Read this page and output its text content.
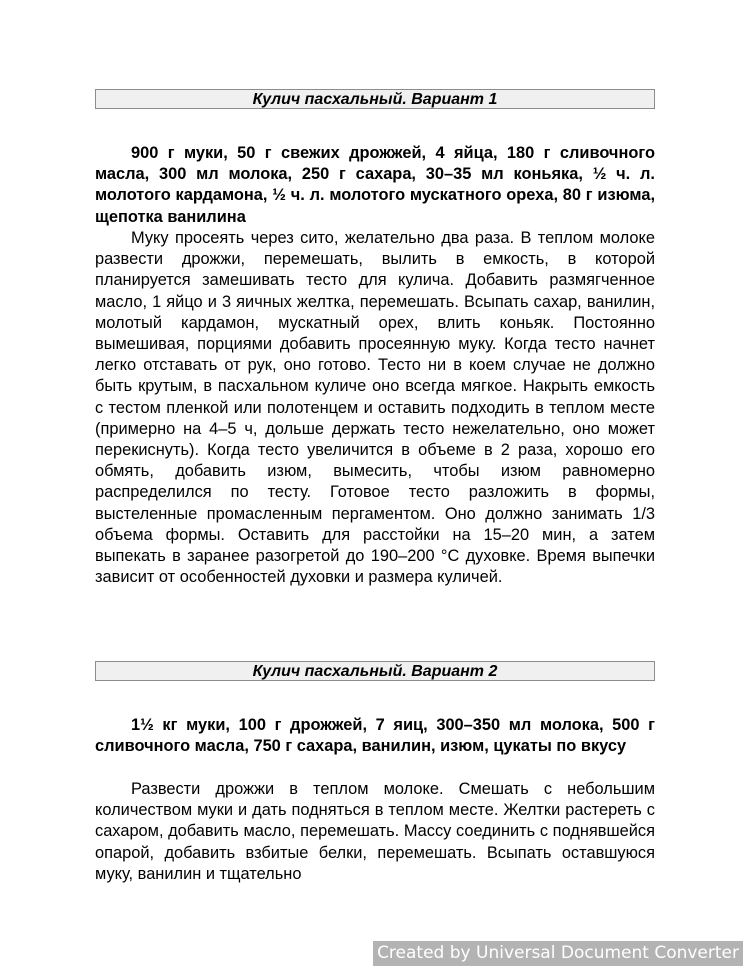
Кулич пасхальный. Вариант 1

900 г муки, 50 г свежих дрожжей, 4 яйца, 180 г сливочного масла, 300 мл молока, 250 г сахара, 30–35 мл коньяка, ½ ч. л. молотого кардамона, ½ ч. л. молотого мускатного ореха, 80 г изюма, щепотка ванилина

Муку просеять через сито, желательно два раза. В теплом молоке развести дрожжи, перемешать, вылить в емкость, в которой планируется замешивать тесто для кулича. Добавить размягченное масло, 1 яйцо и 3 яичных желтка, перемешать. Всыпать сахар, ванилин, молотый кардамон, мускатный орех, влить коньяк. Постоянно вымешивая, порциями добавить просеянную муку. Когда тесто начнет легко отставать от рук, оно готово. Тесто ни в коем случае не должно быть крутым, в пасхальном куличе оно всегда мягкое. Накрыть емкость с тестом пленкой или полотенцем и оставить подходить в теплом месте (примерно на 4–5 ч, дольше держать тесто нежелательно, оно может перекиснуть). Когда тесто увеличится в объеме в 2 раза, хорошо его обмять, добавить изюм, вымесить, чтобы изюм равномерно распределился по тесту. Готовое тесто разложить в формы, выстеленные промасленным пергаментом. Оно должно занимать 1/3 объема формы. Оставить для расстойки на 15–20 мин, а затем выпекать в заранее разогретой до 190–200 °С духовке. Время выпечки зависит от особенностей духовки и размера куличей.

Кулич пасхальный. Вариант 2

1½ кг муки, 100 г дрожжей, 7 яиц, 300–350 мл молока, 500 г сливочного масла, 750 г сахара, ванилин, изюм, цукаты по вкусу

Развести дрожжи в теплом молоке. Смешать с небольшим количеством муки и дать подняться в теплом месте. Желтки растереть с сахаром, добавить масло, перемешать. Массу соединить с поднявшейся опарой, добавить взбитые белки, перемешать. Всыпать оставшуюся муку, ванилин и тщательно

Created by Universal Document Converter
